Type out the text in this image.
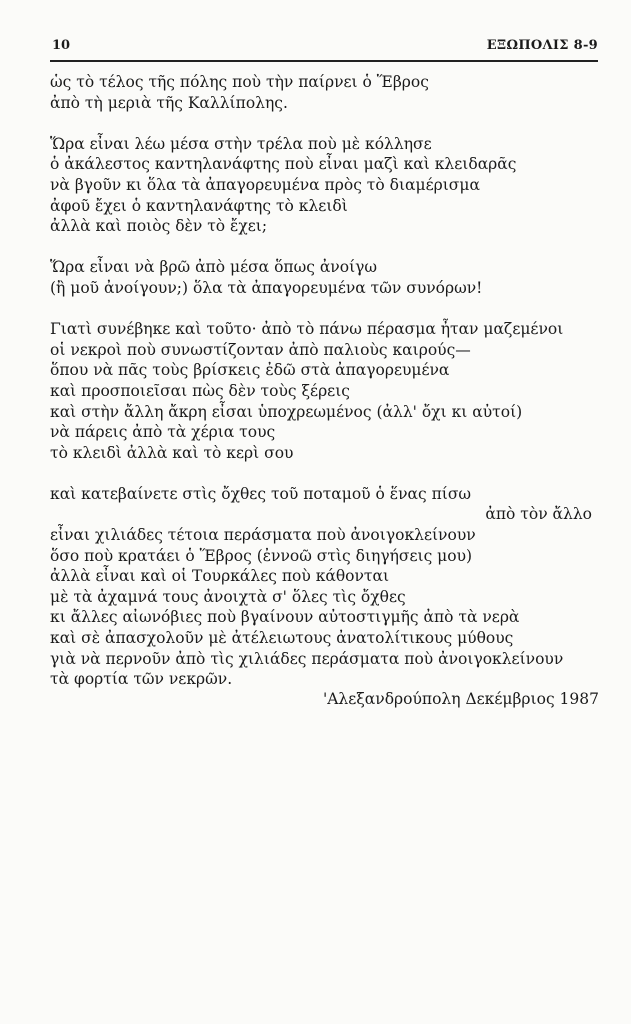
10	ΕΞΩΠΟΛΙΣ 8-9
ὡς τὸ τέλος τῆς πόλης ποὺ τὴν παίρνει ὁ Ἕβρος
ἀπὸ τὴ μεριὰ τῆς Καλλίπολης.
Ὥρα εἶναι λέω μέσα στὴν τρέλα ποὺ μὲ κόλλησε
ὁ ἀκάλεστος καντηλανάφτης ποὺ εἶναι μαζὶ καὶ κλειδαρᾶς
νὰ βγοῦν κι ὅλα τὰ ἀπαγορευμένα πρὸς τὸ διαμέρισμα
ἀφοῦ ἔχει ὁ καντηλανάφτης τὸ κλειδὶ
ἀλλὰ καὶ ποιὸς δὲν τὸ ἔχει;
Ὥρα εἶναι νὰ βρῶ ἀπὸ μέσα ὅπως ἀνοίγω
(ἢ μοῦ ἀνοίγουν;) ὅλα τὰ ἀπαγορευμένα τῶν συνόρων!
Γιατὶ συνέβηκε καὶ τοῦτο· ἀπὸ τὸ πάνω πέρασμα ἦταν μαζεμένοι
οἱ νεκροὶ ποὺ συνωστίζονταν ἀπὸ παλιοὺς καιρούς—
ὅπου νὰ πᾶς τοὺς βρίσκεις ἐδῶ στὰ ἀπαγορευμένα
καὶ προσποιεῖσαι πὼς δὲν τοὺς ξέρεις
καὶ στὴν ἄλλη ἄκρη εἶσαι ὑποχρεωμένος (ἀλλ' ὄχι κι αὐτοί)
νὰ πάρεις ἀπὸ τὰ χέρια τους
τὸ κλειδὶ ἀλλὰ καὶ τὸ κερὶ σου
καὶ κατεβαίνετε στὶς ὄχθες τοῦ ποταμοῦ ὁ ἕνας πίσω
ἀπὸ τὸν ἄλλο
εἶναι χιλιάδες τέτοια περάσματα ποὺ ἀνοιγοκλείνουν
ὅσο ποὺ κρατάει ὁ Ἕβρος (ἐννοῶ στὶς διηγήσεις μου)
ἀλλὰ εἶναι καὶ οἱ Τουρκάλες ποὺ κάθονται
μὲ τὰ ἀχαμνά τους ἀνοιχτὰ σ' ὅλες τὶς ὄχθες
κι ἄλλες αἰωνόβιες ποὺ βγαίνουν αὐτοστιγμῆς ἀπὸ τὰ νερὰ
καὶ σὲ ἀπασχολοῦν μὲ ἀτέλειωτους ἀνατολίτικους μύθους
γιὰ νὰ περνοῦν ἀπὸ τὶς χιλιάδες περάσματα ποὺ ἀνοιγοκλείνουν
τὰ φορτία τῶν νεκρῶν.
'Αλεξανδρούπολη Δεκέμβριος 1987
